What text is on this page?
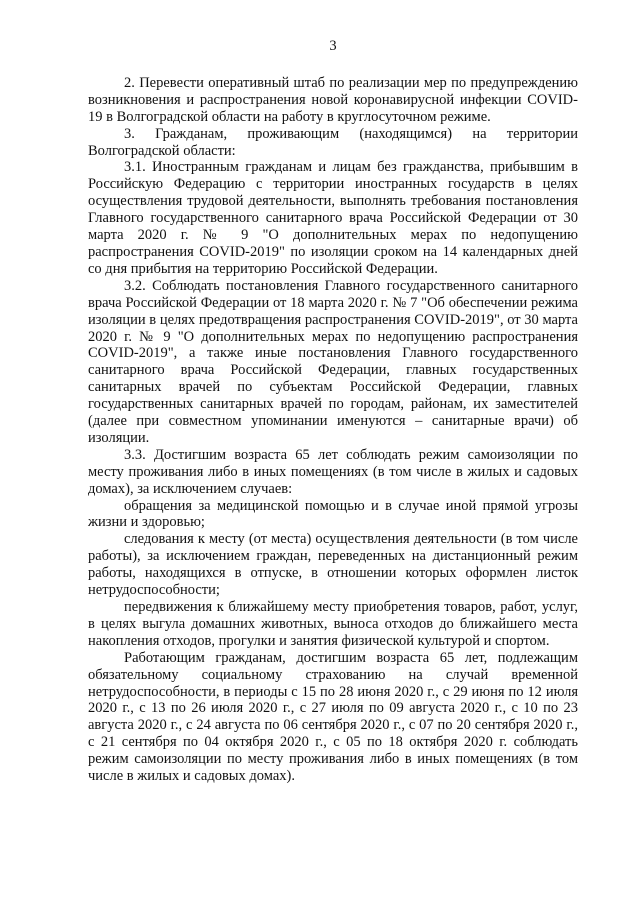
3

2. Перевести оперативный штаб по реализации мер по предупреждению возникновения и распространения новой коронавирусной инфекции COVID-19 в Волгоградской области на работу в круглосуточном режиме.

3. Гражданам, проживающим (находящимся) на территории Волгоградской области:

3.1. Иностранным гражданам и лицам без гражданства, прибывшим в Российскую Федерацию с территории иностранных государств в целях осуществления трудовой деятельности, выполнять требования постановления Главного государственного санитарного врача Российской Федерации от 30 марта 2020 г. № 9 "О дополнительных мерах по недопущению распространения COVID-2019" по изоляции сроком на 14 календарных дней со дня прибытия на территорию Российской Федерации.

3.2. Соблюдать постановления Главного государственного санитарного врача Российской Федерации от 18 марта 2020 г. № 7 "Об обеспечении режима изоляции в целях предотвращения распространения COVID-2019", от 30 марта 2020 г. № 9 "О дополнительных мерах по недопущению распространения COVID-2019", а также иные постановления Главного государственного санитарного врача Российской Федерации, главных государственных санитарных врачей по субъектам Российской Федерации, главных государственных санитарных врачей по городам, районам, их заместителей (далее при совместном упоминании именуются – санитарные врачи) об изоляции.

3.3. Достигшим возраста 65 лет соблюдать режим самоизоляции по месту проживания либо в иных помещениях (в том числе в жилых и садовых домах), за исключением случаев:

обращения за медицинской помощью и в случае иной прямой угрозы жизни и здоровью;

следования к месту (от места) осуществления деятельности (в том числе работы), за исключением граждан, переведенных на дистанционный режим работы, находящихся в отпуске, в отношении которых оформлен листок нетрудоспособности;

передвижения к ближайшему месту приобретения товаров, работ, услуг, в целях выгула домашних животных, выноса отходов до ближайшего места накопления отходов, прогулки и занятия физической культурой и спортом.

Работающим гражданам, достигшим возраста 65 лет, подлежащим обязательному социальному страхованию на случай временной нетрудоспособности, в периоды с 15 по 28 июня 2020 г., с 29 июня по 12 июля 2020 г., с 13 по 26 июля 2020 г., с 27 июля по 09 августа 2020 г., с 10 по 23 августа 2020 г., с 24 августа по 06 сентября 2020 г., с 07 по 20 сентября 2020 г., с 21 сентября по 04 октября 2020 г., с 05 по 18 октября 2020 г. соблюдать режим самоизоляции по месту проживания либо в иных помещениях (в том числе в жилых и садовых домах).
